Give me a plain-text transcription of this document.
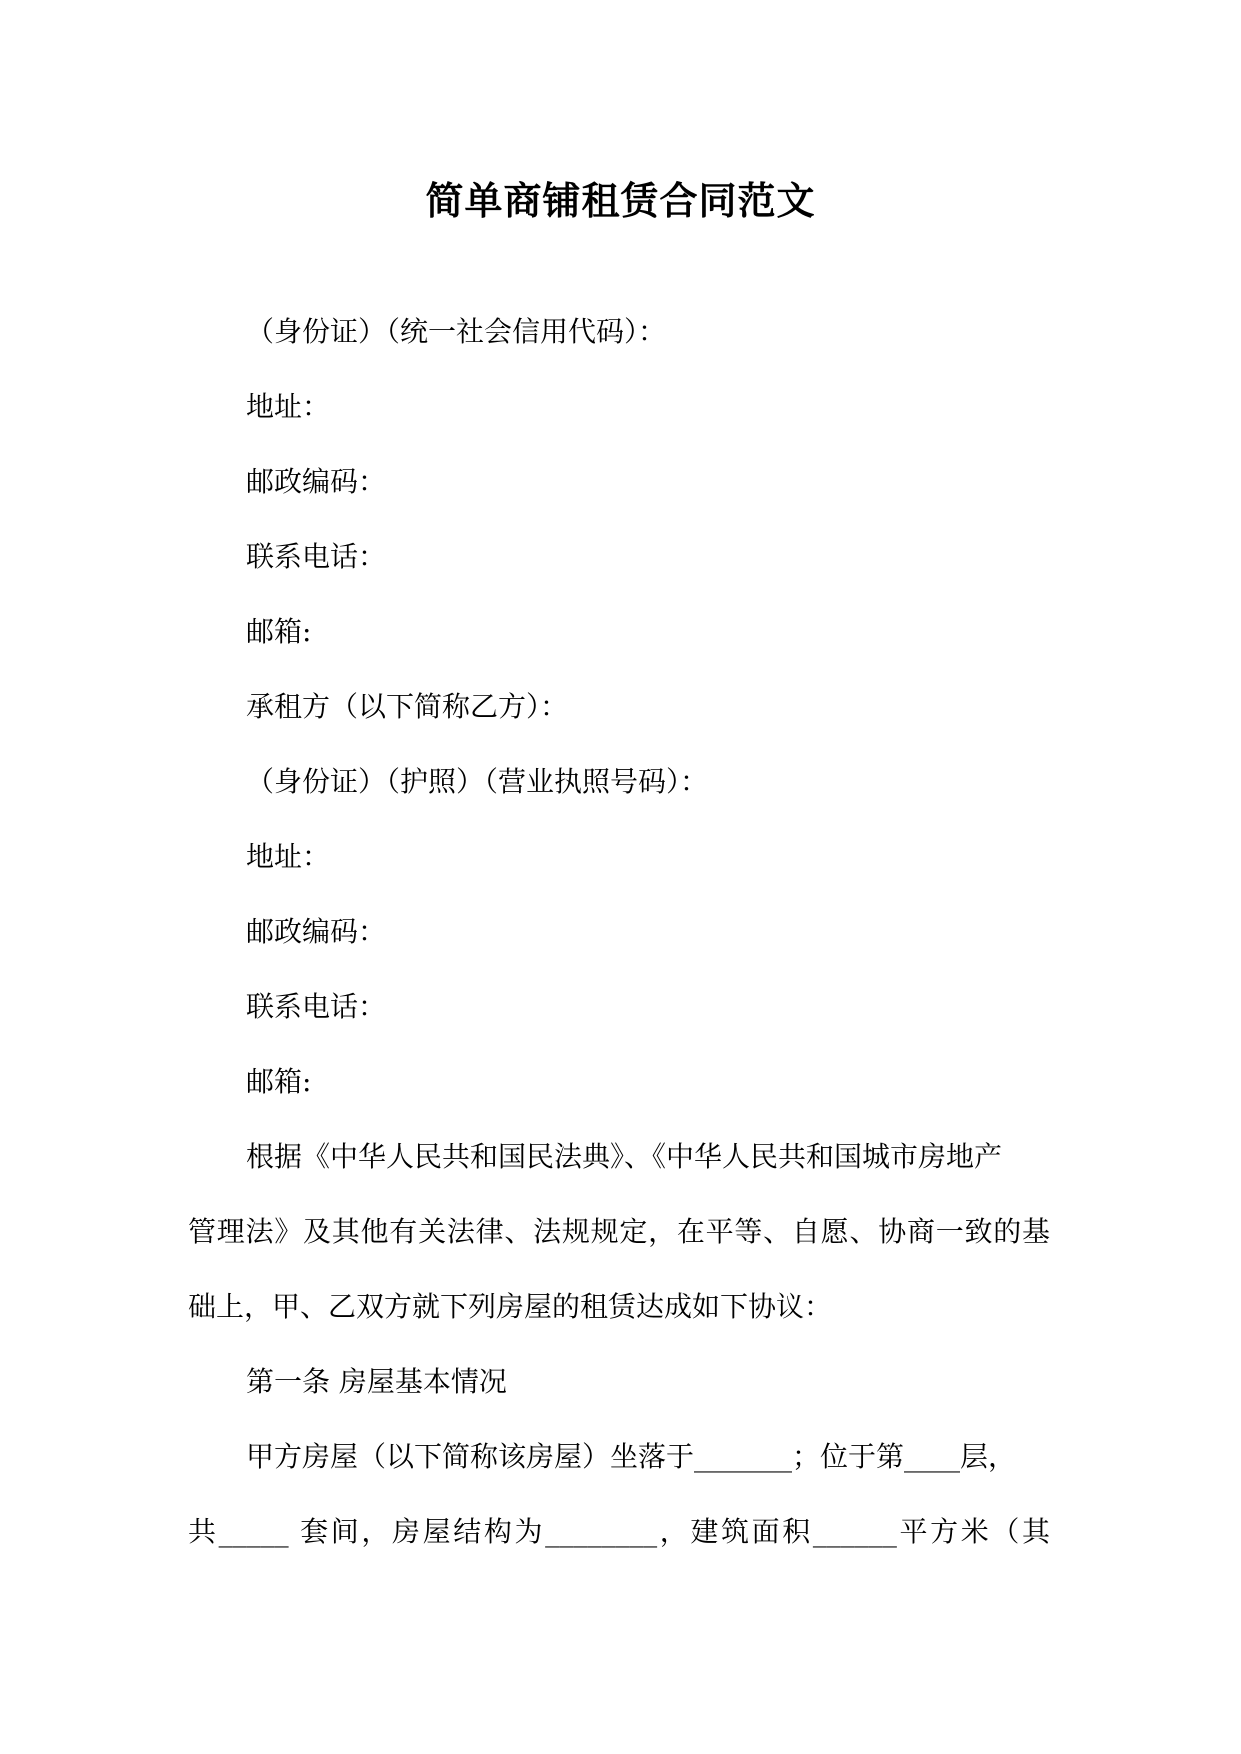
简单商铺租赁合同范文
（身份证）（统一社会信用代码）：
地址：
邮政编码：
联系电话：
邮箱:
承租方（以下简称乙方）：
（身份证）（护照）（营业执照号码）：
地址：
邮政编码：
联系电话：
邮箱:
根据《中华人民共和国民法典》、《中华人民共和国城市房地产
管理法》及其他有关法律、法规规定，在平等、自愿、协商一致的基
础上，甲、乙双方就下列房屋的租赁达成如下协议：
第一条 房屋基本情况
甲方房屋（以下简称该房屋）坐落于_______；位于第____层，
共_____ 套间，房屋结构为________，建筑面积______平方米（其
